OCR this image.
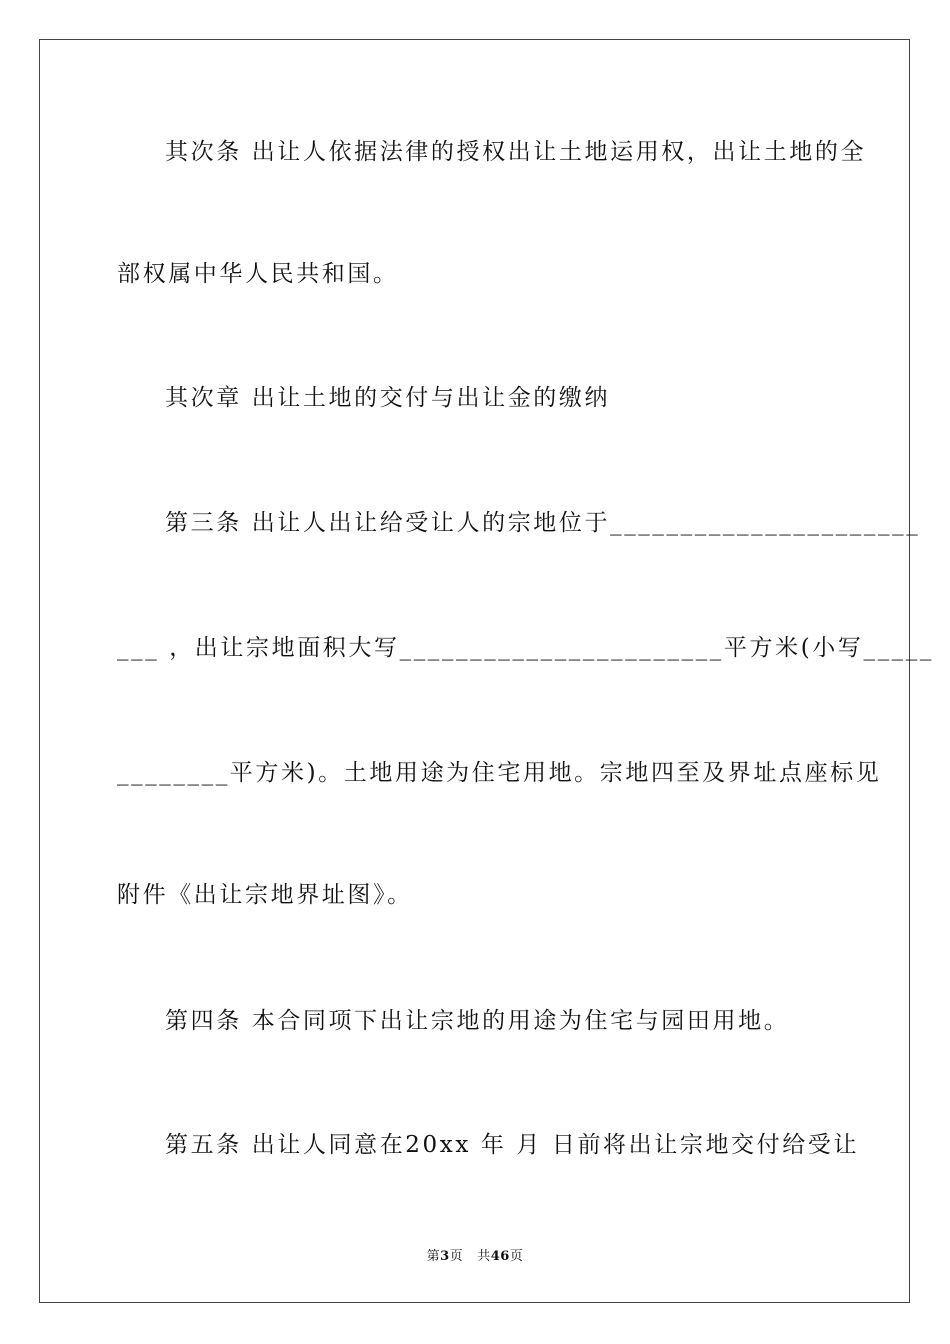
其次条 出让人依据法律的授权出让土地运用权，出让土地的全
部权属中华人民共和国。
其次章 出让土地的交付与出让金的缴纳
第三条 出让人出让给受让人的宗地位于______________________
___ ，出让宗地面积大写_______________________平方米(小写_____
________平方米)。土地用途为住宅用地。宗地四至及界址点座标见
附件《出让宗地界址图》。
第四条 本合同项下出让宗地的用途为住宅与园田用地。
第五条 出让人同意在20xx 年 月 日前将出让宗地交付给受让
第3页 共46页
